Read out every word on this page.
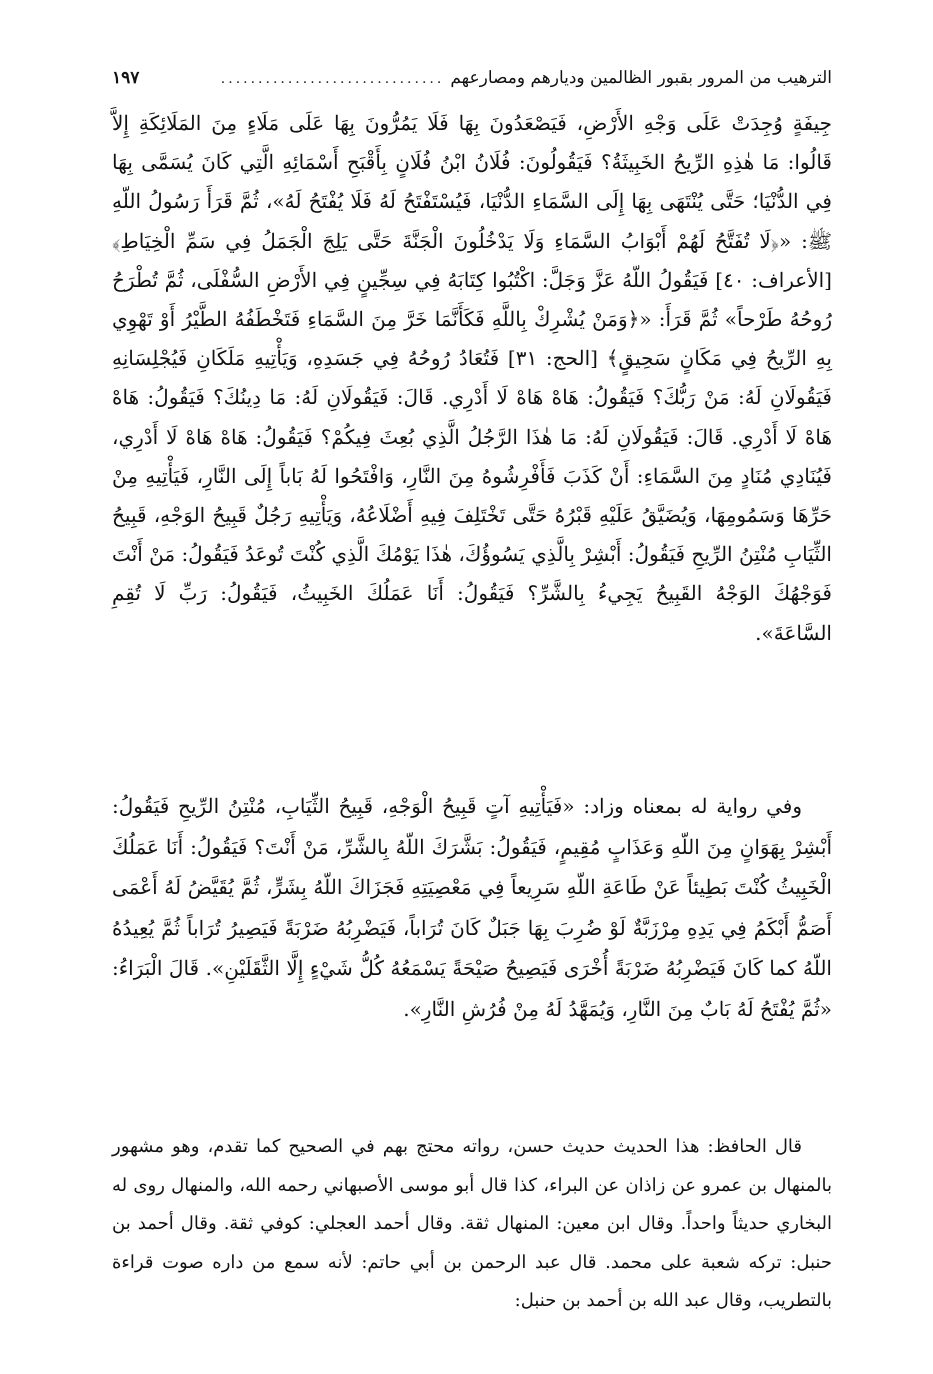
الترهيب من المرور بقبور الظالمين وديارهم ومصارعهم
..............................
١٩٧

جِيفَةٍ وُجِدَتْ عَلَى وَجْهِ الأَرْضِ، فَيَصْعَدُونَ بِهَا فَلَا يَمُرُّونَ بِهَا عَلَى مَلَاءٍ مِنَ المَلَائِكَةِ إِلاَّ قَالُوا: مَا هٰذِهِ الرِّيحُ الخَبِيثَةُ؟ فَيَقُولُونَ: فُلَانُ ابْنُ فُلَانٍ بِأَقْبَحِ أَسْمَائِهِ الَّتِي كَانَ يُسَمَّى بِهَا فِي الدُّنْيَا؛ حَتَّى يُنْتَهَى بِهَا إِلَى السَّمَاءِ الدُّنْيَا، فَيُسْتَفْتَحُ لَهُ فَلَا يُفْتَحُ لَهُ»، ثُمَّ قَرَأَ رَسُولُ اللّهِ ﷺ: «﴿لَا تُفَتَّحُ لَهُمْ أَبْوَابُ السَّمَاءِ وَلَا يَدْخُلُونَ الْجَنَّةَ حَتَّى يَلِجَ الْجَمَلُ فِي سَمِّ الْخِيَاطِ﴾ [الأعراف: ٤٠] فَيَقُولُ اللّهُ عَزَّ وَجَلَّ: اكْتُبُوا كِتَابَهُ فِي سِجِّينٍ فِي الأَرْضِ السُّفْلَى، ثُمَّ تُطْرَحُ رُوحُهُ طَرْحاً» ثُمَّ قَرَأَ: «﴿وَمَنْ يُشْرِكْ بِاللَّهِ فَكَأَنَّمَا خَرَّ مِنَ السَّمَاءِ فَتَخْطَفُهُ الطَّيْرُ أَوْ تَهْوِي بِهِ الرِّيحُ فِي مَكَانٍ سَحِيقٍ﴾ [الحج: ٣١] فَتُعَادُ رُوحُهُ فِي جَسَدِهِ، وَيَأْتِيهِ مَلَكَانِ فَيُجْلِسَانِهِ فَيَقُولَانِ لَهُ: مَنْ رَبُّكَ؟ فَيَقُولُ: هَاهْ هَاهْ لَا أَدْرِي. قَالَ: فَيَقُولَانِ لَهُ: مَا دِينُكَ؟ فَيَقُولُ: هَاهْ هَاهْ لَا أَدْرِي. قَالَ: فَيَقُولَانِ لَهُ: مَا هٰذَا الرَّجُلُ الَّذِي بُعِثَ فِيكُمْ؟ فَيَقُولُ: هَاهْ هَاهْ لَا أَدْرِي، فَيُنَادِي مُنَادٍ مِنَ السَّمَاءِ: أَنْ كَذَبَ فَأَفْرِشُوهُ مِنَ النَّارِ، وَافْتَحُوا لَهُ بَاباً إِلَى النَّارِ، فَيَأْتِيهِ مِنْ حَرِّهَا وَسَمُومِهَا، وَيُضَيَّقُ عَلَيْهِ قَبْرُهُ حَتَّى تَخْتَلِفَ فِيهِ أَضْلَاعُهُ، وَيَأْتِيهِ رَجُلٌ قَبِيحُ الوَجْهِ، قَبِيحُ الثِّيَابِ مُنْتِنُ الرِّيحِ فَيَقُولُ: أَبْشِرْ بِالَّذِي يَسُوؤُكَ، هٰذَا يَوْمُكَ الَّذِي كُنْتَ تُوعَدُ فَيَقُولُ: مَنْ أَنْتَ فَوَجْهُكَ الوَجْهُ القَبِيحُ يَجِيءُ بِالشَّرِّ؟ فَيَقُولُ: أَنَا عَمَلُكَ الخَبِيثُ، فَيَقُولُ: رَبِّ لَا تُقِمِ السَّاعَةَ».

وفي رواية له بمعناه وزاد: «فَيَأْتِيهِ آتٍ قَبِيحُ الْوَجْهِ، قَبِيحُ الثِّيَابِ، مُنْتِنُ الرِّيحِ فَيَقُولُ: أَبْشِرْ بِهَوَانٍ مِنَ اللّهِ وَعَذَابٍ مُقِيمٍ، فَيَقُولُ: بَشَّرَكَ اللّهُ بِالشَّرِّ، مَنْ أَنْتَ؟ فَيَقُولُ: أَنَا عَمَلُكَ الْخَبِيثُ كُنْتَ بَطِيئاً عَنْ طَاعَةِ اللّهِ سَرِيعاً فِي مَعْصِيَتِهِ فَجَزَاكَ اللّهُ بِشَرٍّ، ثُمَّ يُقَيَّضُ لَهُ أَعْمَى أَصَمُّ أَبْكَمُ فِي يَدِهِ مِرْزَبَّةٌ لَوْ ضُرِبَ بِهَا جَبَلٌ كَانَ تُرَاباً، فَيَضْرِبُهُ ضَرْبَةً فَيَصِيرُ تُرَاباً ثُمَّ يُعِيدُهُ اللّهُ كما كَانَ فَيَضْرِبُهُ ضَرْبَةً أُخْرَى فَيَصِيحُ صَيْحَةً يَسْمَعُهُ كُلُّ شَيْءٍ إِلَّا الثَّقَلَيْنِ». قَالَ الْبَرَاءُ: «ثُمَّ يُفْتَحُ لَهُ بَابٌ مِنَ النَّارِ، وَيُمَهَّدُ لَهُ مِنْ فُرُشِ النَّارِ».

قال الحافظ: هذا الحديث حديث حسن، رواته محتج بهم في الصحيح كما تقدم، وهو مشهور بالمنهال بن عمرو عن زاذان عن البراء، كذا قال أبو موسى الأصبهاني رحمه الله، والمنهال روى له البخاري حديثاً واحداً. وقال ابن معين: المنهال ثقة. وقال أحمد العجلي: كوفي ثقة. وقال أحمد بن حنبل: تركه شعبة على محمد. قال عبد الرحمن بن أبي حاتم: لأنه سمع من داره صوت قراءة بالتطريب، وقال عبد الله بن أحمد بن حنبل:
